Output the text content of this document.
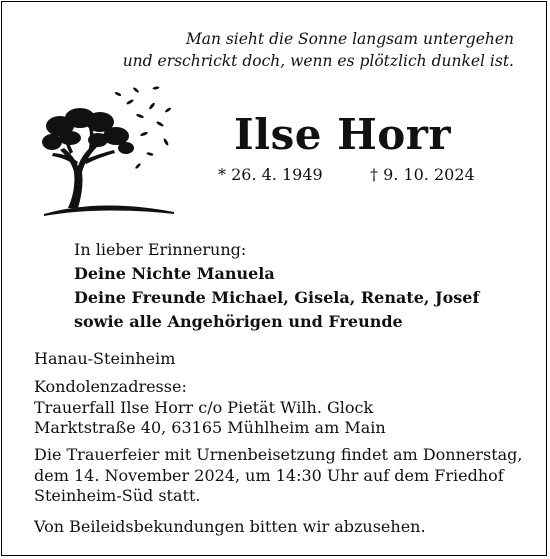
Man sieht die Sonne langsam untergehen
und erschrickt doch, wenn es plötzlich dunkel ist.
Ilse Horr
* 26. 4. 1949	† 9. 10. 2024
In lieber Erinnerung:
Deine Nichte Manuela
Deine Freunde Michael, Gisela, Renate, Josef
sowie alle Angehörigen und Freunde
Hanau-Steinheim
Kondolenzadresse:
Trauerfall Ilse Horr c/o Pietät Wilh. Glock
Marktstraße 40, 63165 Mühlheim am Main
Die Trauerfeier mit Urnenbeisetzung findet am Donnerstag,
dem 14. November 2024, um 14:30 Uhr auf dem Friedhof
Steinheim-Süd statt.
Von Beileidsbekundungen bitten wir abzusehen.
